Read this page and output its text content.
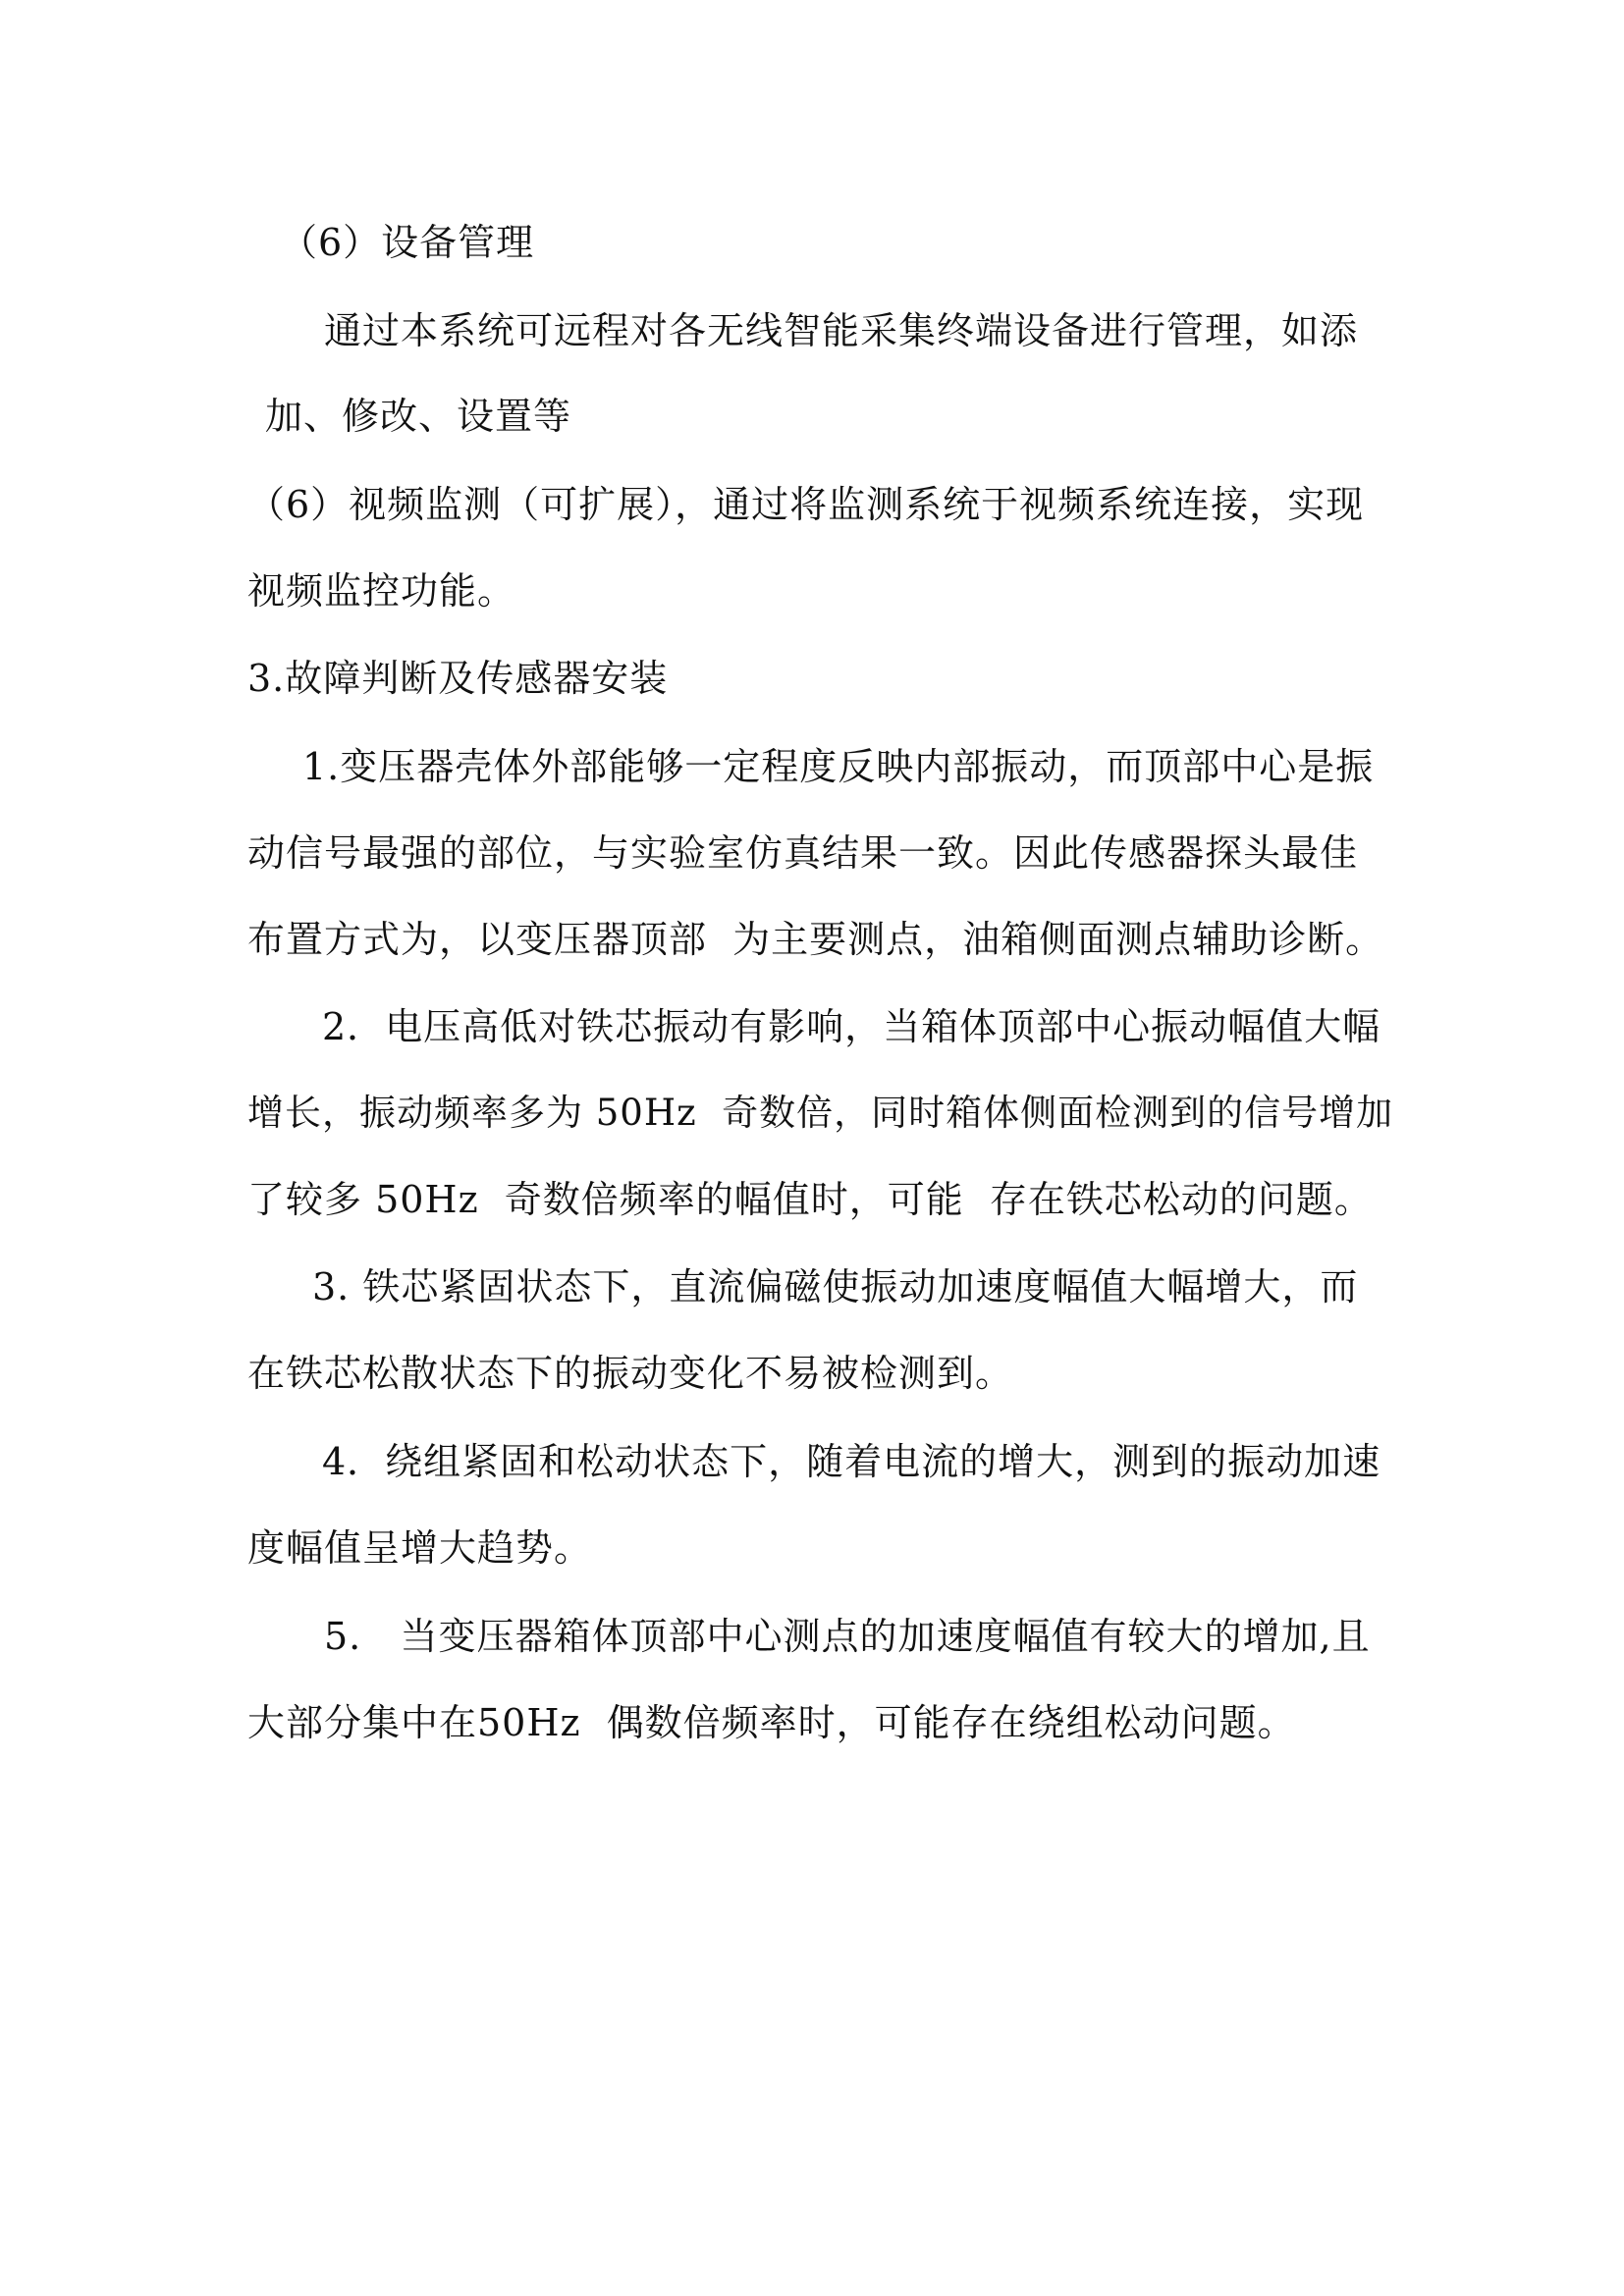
（6）设备管理
通过本系统可远程对各无线智能采集终端设备进行管理，如添
加、修改、设置等
（6）视频监测（可扩展），通过将监测系统于视频系统连接，实现
视频监控功能。
3.故障判断及传感器安装
1.变压器壳体外部能够一定程度反映内部振动，而顶部中心是振
动信号最强的部位，与实验室仿真结果一致。因此传感器探头最佳
布置方式为，以变压器顶部  为主要测点，油箱侧面测点辅助诊断。
2．电压高低对铁芯振动有影响，当箱体顶部中心振动幅值大幅
增长，振动频率多为 50Hz  奇数倍，同时箱体侧面检测到的信号增加
了较多 50Hz  奇数倍频率的幅值时，可能  存在铁芯松动的问题。
3. 铁芯紧固状态下，直流偏磁使振动加速度幅值大幅增大，而
在铁芯松散状态下的振动变化不易被检测到。
4．绕组紧固和松动状态下，随着电流的增大，测到的振动加速
度幅值呈增大趋势。
5.   当变压器箱体顶部中心测点的加速度幅值有较大的增加,且
大部分集中在50Hz  偶数倍频率时，可能存在绕组松动问题。
